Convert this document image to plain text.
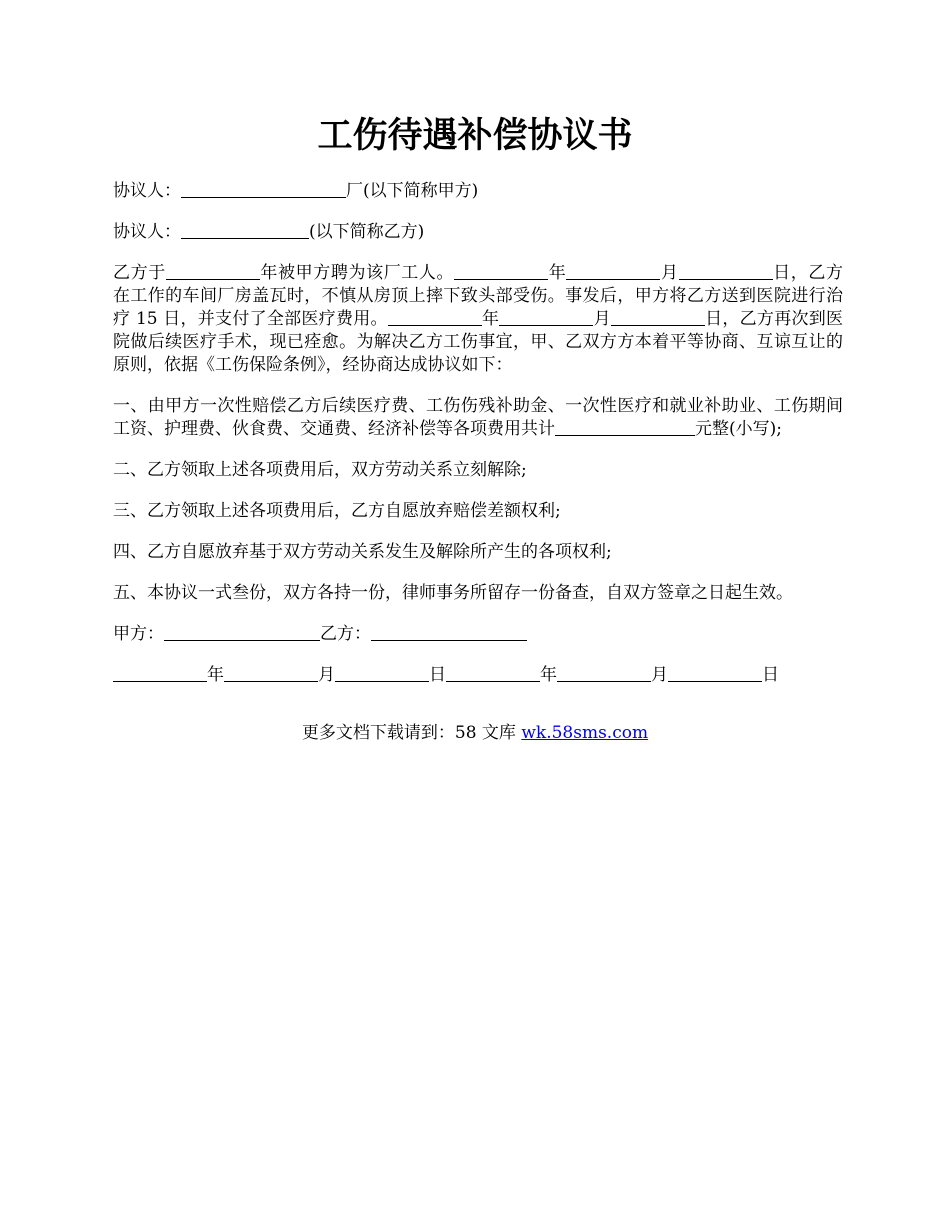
工伤待遇补偿协议书

协议人：	厂(以下简称甲方)

协议人：	(以下简称乙方)

乙方于	年被甲方聘为该厂工人。	年	月	日，乙方在工作的车间厂房盖瓦时，不慎从房顶上摔下致头部受伤。事发后，甲方将乙方送到医院进行治疗 15 日，并支付了全部医疗费用。	年	月	日，乙方再次到医院做后续医疗手术，现已痊愈。为解决乙方工伤事宜，甲、乙双方方本着平等协商、互谅互让的原则，依据《工伤保险条例》，经协商达成协议如下：

一、由甲方一次性赔偿乙方后续医疗费、工伤伤残补助金、一次性医疗和就业补助业、工伤期间工资、护理费、伙食费、交通费、经济补偿等各项费用共计	元整(小写);

二、乙方领取上述各项费用后，双方劳动关系立刻解除;

三、乙方领取上述各项费用后，乙方自愿放弃赔偿差额权利;

四、乙方自愿放弃基于双方劳动关系发生及解除所产生的各项权利;

五、本协议一式叁份，双方各持一份，律师事务所留存一份备查，自双方签章之日起生效。

甲方：	乙方：

年	月	日	年	月	日

更多文档下载请到：58 文库 wk.58sms.com
